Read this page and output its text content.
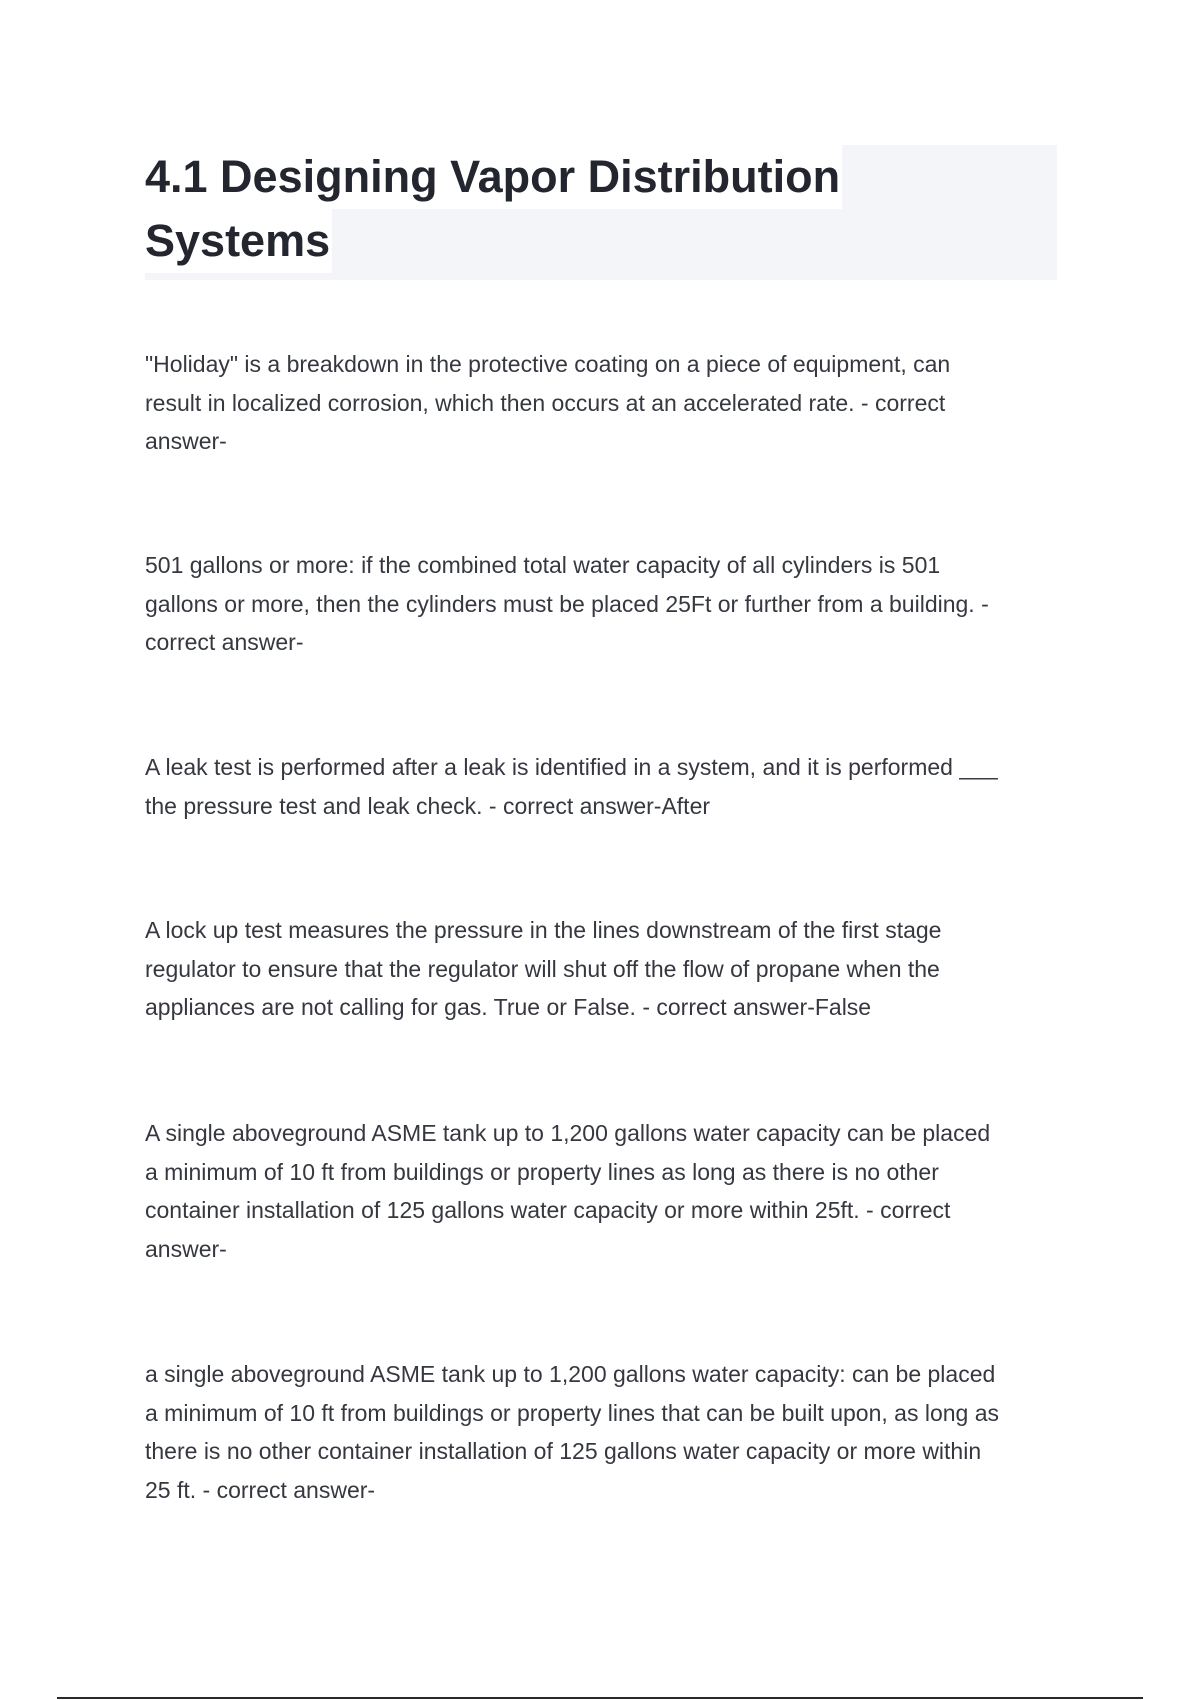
4.1 Designing Vapor Distribution
Systems
"Holiday" is a breakdown in the protective coating on a piece of equipment, can
result in localized corrosion, which then occurs at an accelerated rate. - correct
answer-
501 gallons or more: if the combined total water capacity of all cylinders is 501
gallons or more, then the cylinders must be placed 25Ft or further from a building. -
correct answer-
A leak test is performed after a leak is identified in a system, and it is performed ___
the pressure test and leak check. - correct answer-After
A lock up test measures the pressure in the lines downstream of the first stage
regulator to ensure that the regulator will shut off the flow of propane when the
appliances are not calling for gas. True or False. - correct answer-False
A single aboveground ASME tank up to 1,200 gallons water capacity can be placed
a minimum of 10 ft from buildings or property lines as long as there is no other
container installation of 125 gallons water capacity or more within 25ft. - correct
answer-
a single aboveground ASME tank up to 1,200 gallons water capacity: can be placed
a minimum of 10 ft from buildings or property lines that can be built upon, as long as
there is no other container installation of 125 gallons water capacity or more within
25 ft. - correct answer-
